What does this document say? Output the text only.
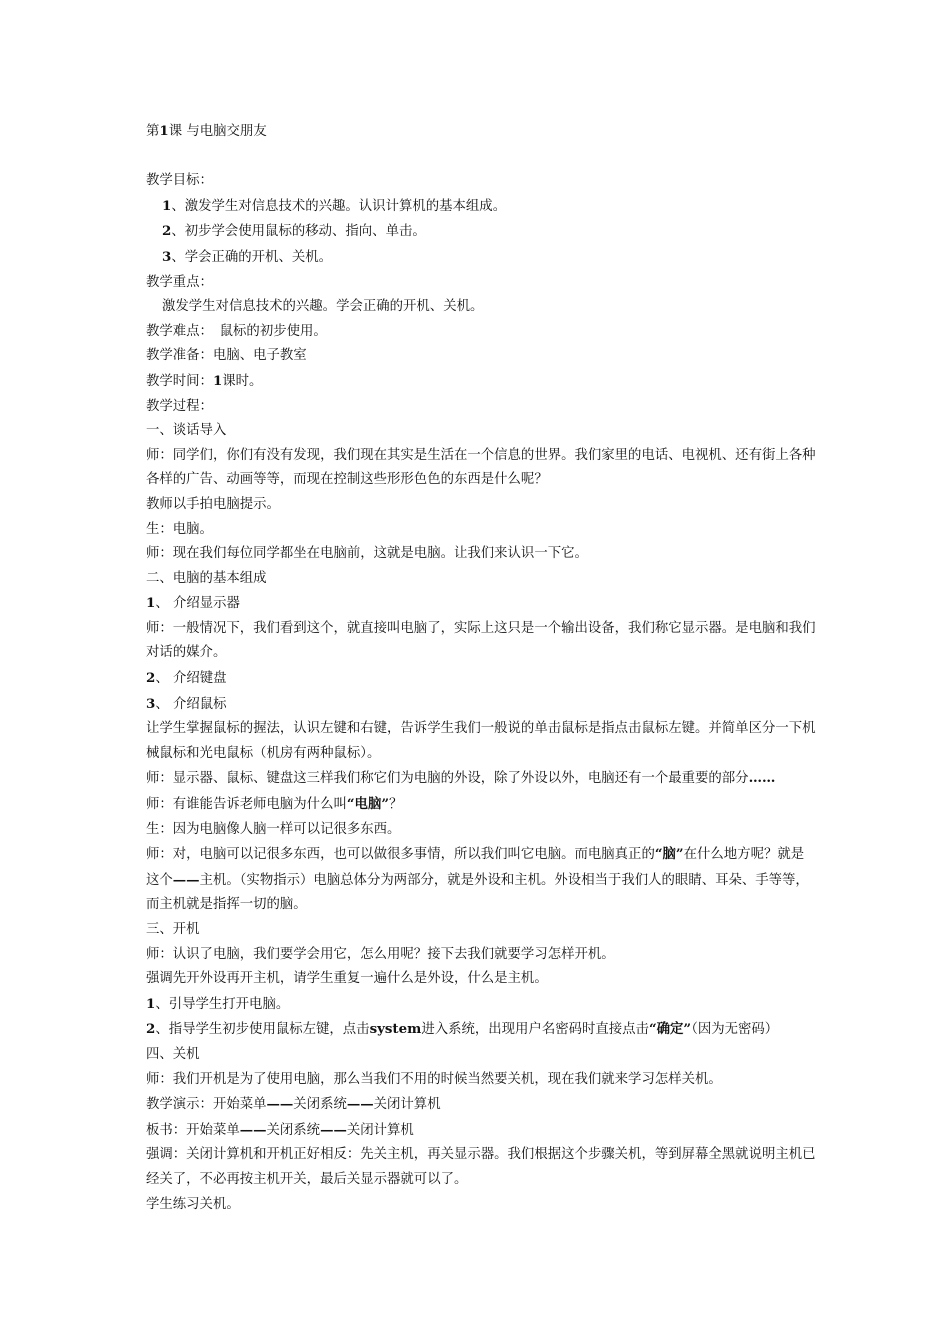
第1课 与电脑交朋友

教学目标：

1、激发学生对信息技术的兴趣。认识计算机的基本组成。

2、初步学会使用鼠标的移动、指向、单击。

3、学会正确的开机、关机。

教学重点：

激发学生对信息技术的兴趣。学会正确的开机、关机。

教学难点：　鼠标的初步使用。

教学准备：电脑、电子教室

教学时间：1课时。

教学过程：

一、谈话导入

师：同学们，你们有没有发现，我们现在其实是生活在一个信息的世界。我们家里的电话、电视机、还有街上各种各样的广告、动画等等，而现在控制这些形形色色的东西是什么呢？

教师以手拍电脑提示。

生：电脑。

师：现在我们每位同学都坐在电脑前，这就是电脑。让我们来认识一下它。

二、电脑的基本组成

1、 介绍显示器

师：一般情况下，我们看到这个，就直接叫电脑了，实际上这只是一个输出设备，我们称它显示器。是电脑和我们对话的媒介。

2、 介绍键盘

3、 介绍鼠标

让学生掌握鼠标的握法，认识左键和右键，告诉学生我们一般说的单击鼠标是指点击鼠标左键。并简单区分一下机械鼠标和光电鼠标（机房有两种鼠标）。

师：显示器、鼠标、键盘这三样我们称它们为电脑的外设，除了外设以外，电脑还有一个最重要的部分……

师：有谁能告诉老师电脑为什么叫“电脑”？

生：因为电脑像人脑一样可以记很多东西。

师：对，电脑可以记很多东西，也可以做很多事情，所以我们叫它电脑。而电脑真正的“脑”在什么地方呢？就是这个——主机。（实物指示）电脑总体分为两部分，就是外设和主机。外设相当于我们人的眼睛、耳朵、手等等，而主机就是指挥一切的脑。

三、开机

师：认识了电脑，我们要学会用它，怎么用呢？接下去我们就要学习怎样开机。

强调先开外设再开主机，请学生重复一遍什么是外设，什么是主机。

1、引导学生打开电脑。

2、指导学生初步使用鼠标左键，点击system进入系统，出现用户名密码时直接点击“确定”（因为无密码）

四、关机

师：我们开机是为了使用电脑，那么当我们不用的时候当然要关机，现在我们就来学习怎样关机。

教学演示：开始菜单——关闭系统——关闭计算机

板书：开始菜单——关闭系统——关闭计算机

强调：关闭计算机和开机正好相反：先关主机，再关显示器。我们根据这个步骤关机，等到屏幕全黑就说明主机已经关了，不必再按主机开关，最后关显示器就可以了。

学生练习关机。
